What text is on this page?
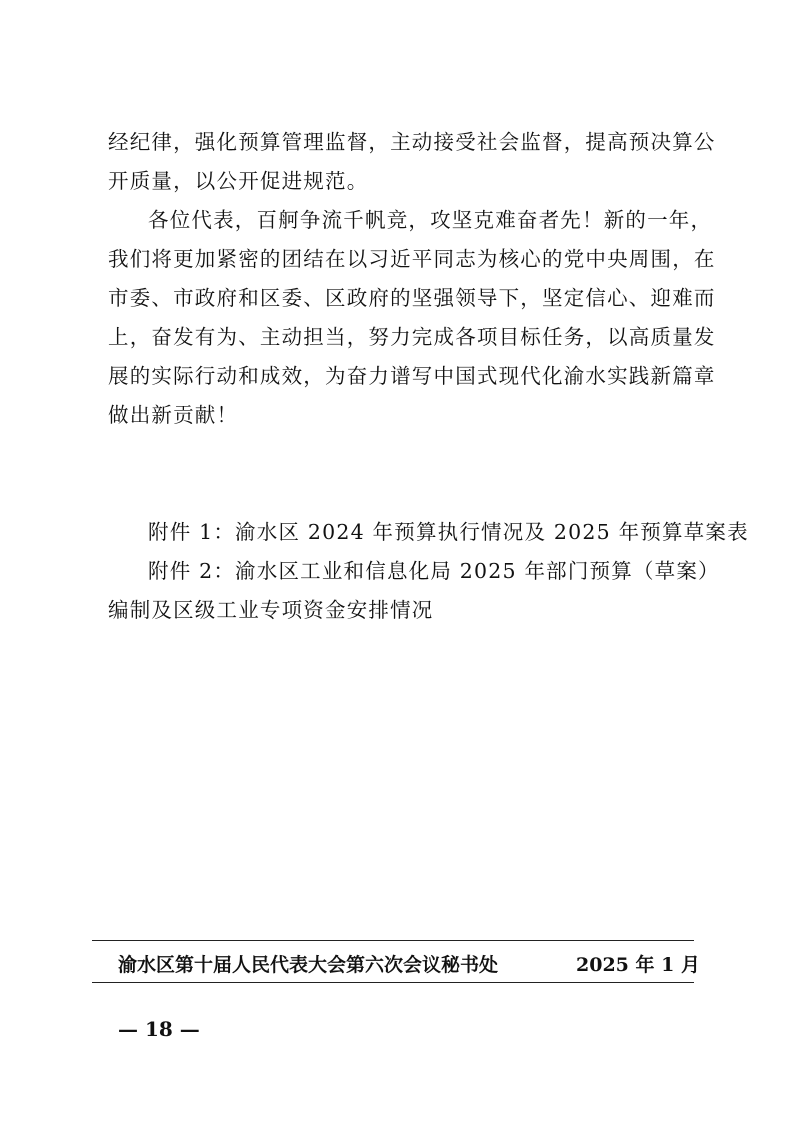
经纪律，强化预算管理监督，主动接受社会监督，提高预决算公
开质量，以公开促进规范。
各位代表，百舸争流千帆竞，攻坚克难奋者先！新的一年，
我们将更加紧密的团结在以习近平同志为核心的党中央周围，在
市委、市政府和区委、区政府的坚强领导下，坚定信心、迎难而
上，奋发有为、主动担当，努力完成各项目标任务，以高质量发
展的实际行动和成效，为奋力谱写中国式现代化渝水实践新篇章
做出新贡献！
附件 1：渝水区 2024 年预算执行情况及 2025 年预算草案表
附件 2：渝水区工业和信息化局 2025 年部门预算（草案）
编制及区级工业专项资金安排情况
渝水区第十届人民代表大会第六次会议秘书处	2025 年 1 月
— 18 —
